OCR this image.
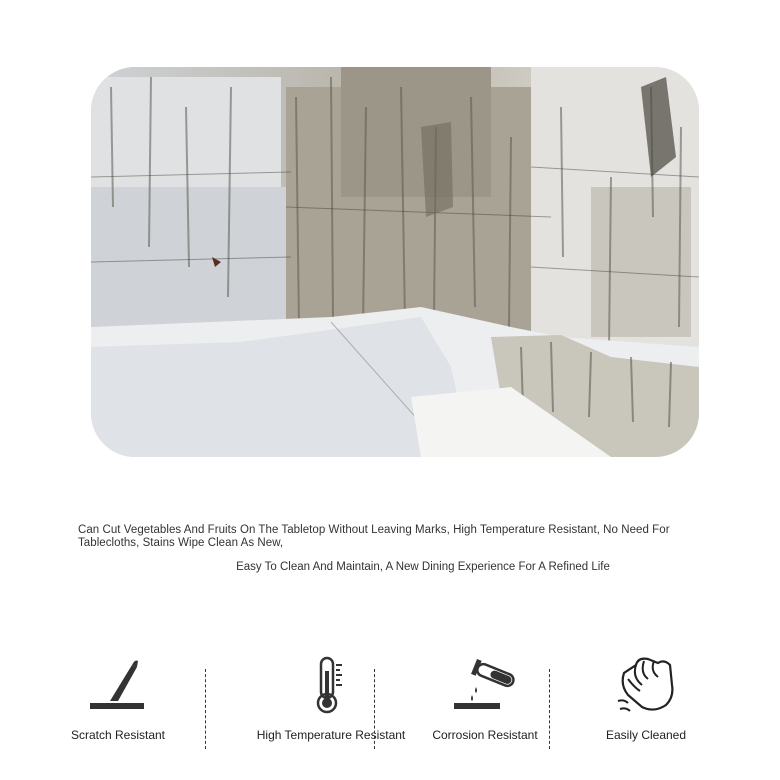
Can Cut Vegetables And Fruits On The Tabletop Without Leaving Marks, High Temperature Resistant, No Need For Tablecloths, Stains Wipe Clean As New,
Easy To Clean And Maintain, A New Dining Experience For A Refined Life
Scratch Resistant	High Temperature Resistant	Corrosion Resistant	Easily Cleaned
